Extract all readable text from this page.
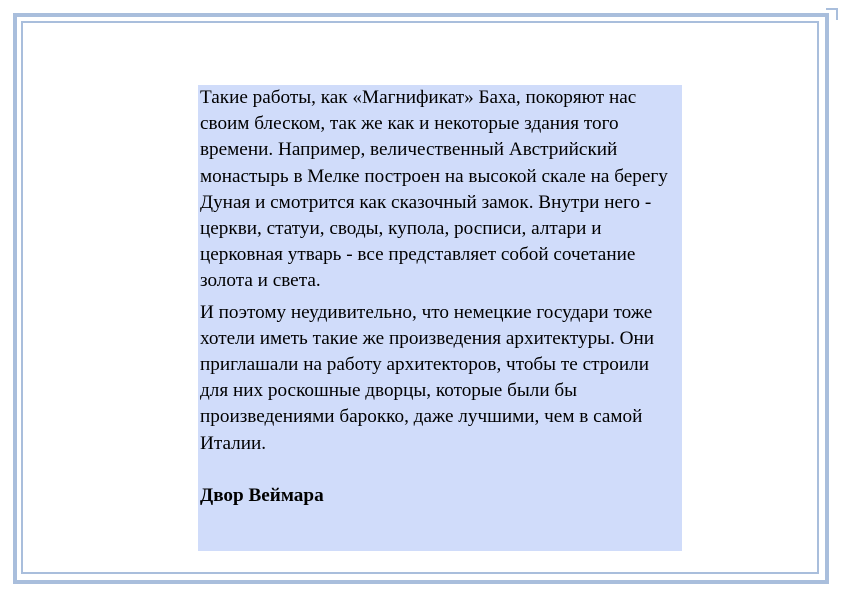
Такие работы, как «Магнификат» Баха, покоряют нас своим блеском, так же как и некоторые здания того времени. Например, величественный Австрийский монастырь в Мелке построен на высокой скале на берегу Дуная и смотрится как сказочный замок. Внутри него - церкви, статуи, своды, купола, росписи, алтари и церковная утварь - все представляет собой сочетание золота и света.

И поэтому неудивительно, что немецкие государи тоже хотели иметь такие же произведения архитектуры. Они приглашали на работу архитекторов, чтобы те строили для них роскошные дворцы, которые были бы произведениями барокко, даже лучшими, чем в самой Италии.

Двор Веймара
